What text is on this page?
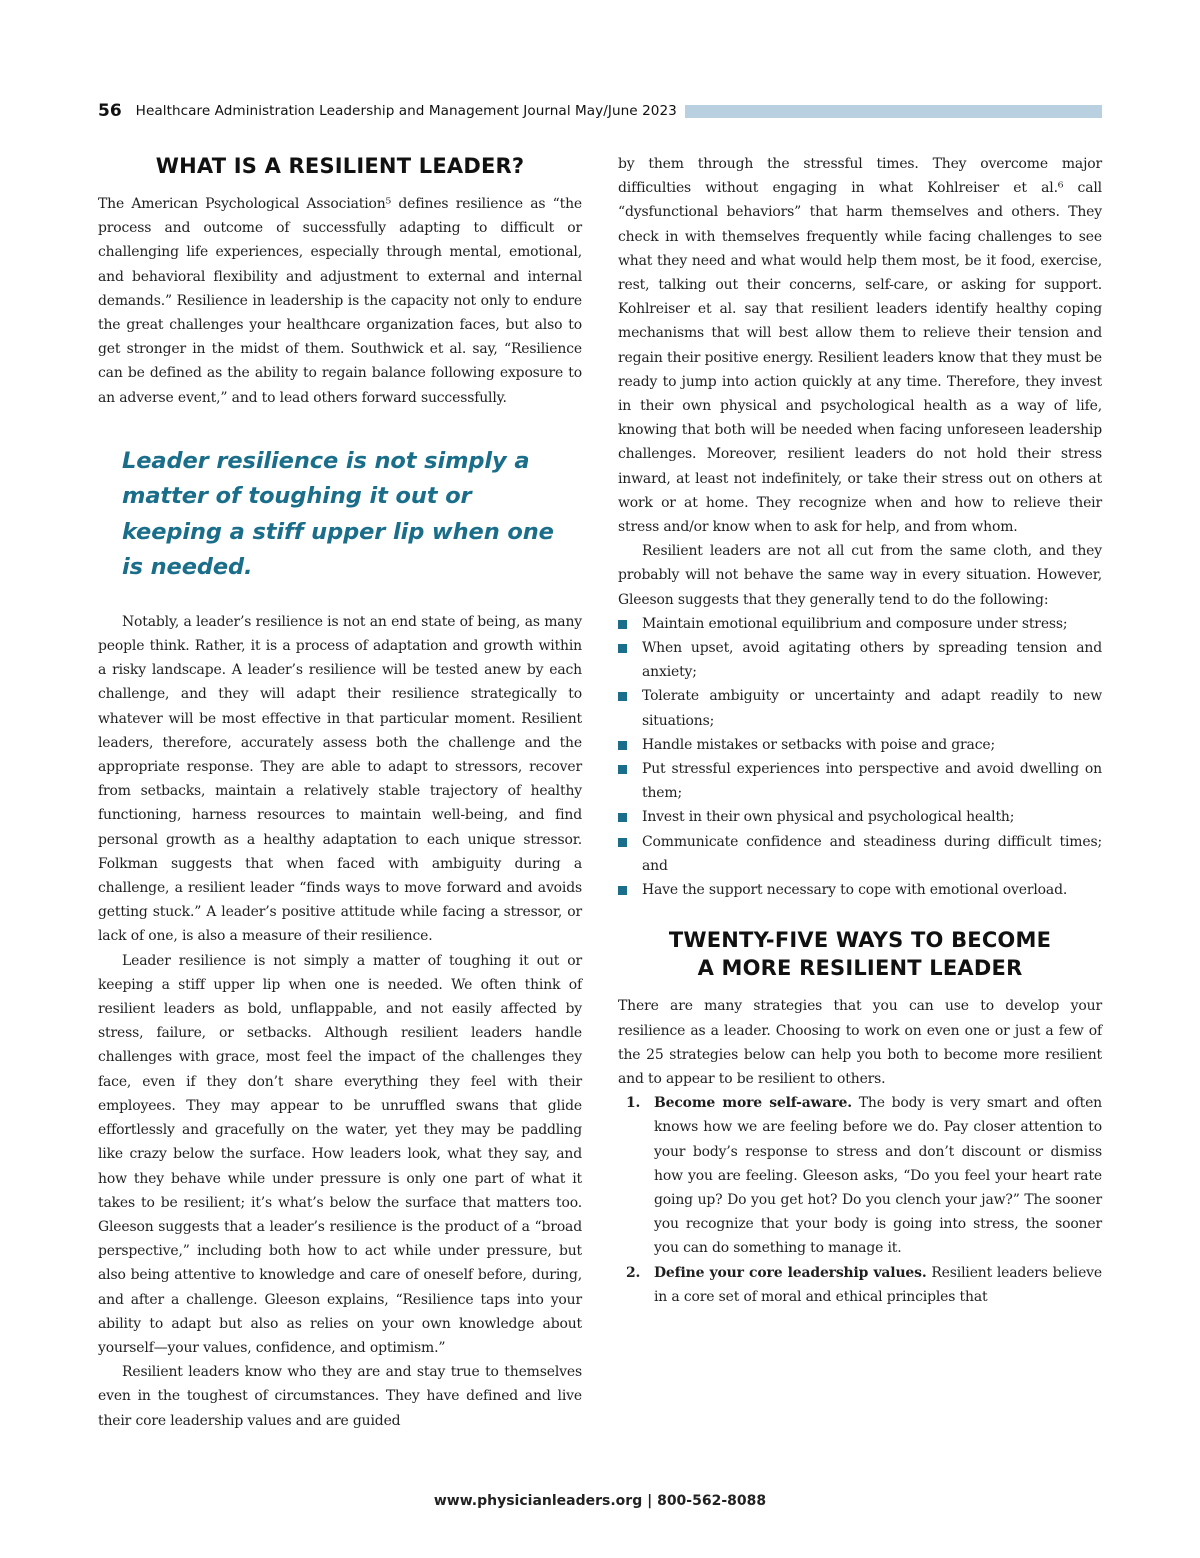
56 Healthcare Administration Leadership and Management Journal May/June 2023
WHAT IS A RESILIENT LEADER?

The American Psychological Association⁵ defines resilience as “the process and outcome of successfully adapting to difficult or challenging life experiences, especially through mental, emotional, and behavioral flexibility and adjustment to external and internal demands.” Resilience in leadership is the capacity not only to endure the great challenges your healthcare organization faces, but also to get stronger in the midst of them. Southwick et al. say, “Resilience can be defined as the ability to regain balance following exposure to an adverse event,” and to lead others forward successfully.

Leader resilience is not simply a matter of toughing it out or keeping a stiff upper lip when one is needed.

Notably, a leader’s resilience is not an end state of being, as many people think. Rather, it is a process of adaptation and growth within a risky landscape. A leader’s resilience will be tested anew by each challenge, and they will adapt their resilience strategically to whatever will be most effective in that particular moment. Resilient leaders, therefore, accurately assess both the challenge and the appropriate response. They are able to adapt to stressors, recover from setbacks, maintain a relatively stable trajectory of healthy functioning, harness resources to maintain well-being, and find personal growth as a healthy adaptation to each unique stressor. Folkman suggests that when faced with ambiguity during a challenge, a resilient leader “finds ways to move forward and avoids getting stuck.” A leader’s positive attitude while facing a stressor, or lack of one, is also a measure of their resilience.

Leader resilience is not simply a matter of toughing it out or keeping a stiff upper lip when one is needed. We often think of resilient leaders as bold, unflappable, and not easily affected by stress, failure, or setbacks. Although resilient leaders handle challenges with grace, most feel the impact of the challenges they face, even if they don’t share everything they feel with their employees. They may appear to be unruffled swans that glide effortlessly and gracefully on the water, yet they may be paddling like crazy below the surface. How leaders look, what they say, and how they behave while under pressure is only one part of what it takes to be resilient; it’s what’s below the surface that matters too. Gleeson suggests that a leader’s resilience is the product of a “broad perspective,” including both how to act while under pressure, but also being attentive to knowledge and care of oneself before, during, and after a challenge. Gleeson explains, “Resilience taps into your ability to adapt but also as relies on your own knowledge about yourself—your values, confidence, and optimism.”

Resilient leaders know who they are and stay true to themselves even in the toughest of circumstances. They have defined and live their core leadership values and are guided

by them through the stressful times. They overcome major difficulties without engaging in what Kohlreiser et al.⁶ call “dysfunctional behaviors” that harm themselves and others. They check in with themselves frequently while facing challenges to see what they need and what would help them most, be it food, exercise, rest, talking out their concerns, self-care, or asking for support. Kohlreiser et al. say that resilient leaders identify healthy coping mechanisms that will best allow them to relieve their tension and regain their positive energy. Resilient leaders know that they must be ready to jump into action quickly at any time. Therefore, they invest in their own physical and psychological health as a way of life, knowing that both will be needed when facing unforeseen leadership challenges. Moreover, resilient leaders do not hold their stress inward, at least not indefinitely, or take their stress out on others at work or at home. They recognize when and how to relieve their stress and/or know when to ask for help, and from whom.

Resilient leaders are not all cut from the same cloth, and they probably will not behave the same way in every situation. However, Gleeson suggests that they generally tend to do the following:

Maintain emotional equilibrium and composure under stress;
When upset, avoid agitating others by spreading tension and anxiety;
Tolerate ambiguity or uncertainty and adapt readily to new situations;
Handle mistakes or setbacks with poise and grace;
Put stressful experiences into perspective and avoid dwelling on them;
Invest in their own physical and psychological health;
Communicate confidence and steadiness during difficult times; and
Have the support necessary to cope with emotional overload.
TWENTY-FIVE WAYS TO BECOME
A MORE RESILIENT LEADER

There are many strategies that you can use to develop your resilience as a leader. Choosing to work on even one or just a few of the 25 strategies below can help you both to become more resilient and to appear to be resilient to others.

1. Become more self-aware. The body is very smart and often knows how we are feeling before we do. Pay closer attention to your body’s response to stress and don’t discount or dismiss how you are feeling. Gleeson asks, “Do you feel your heart rate going up? Do you get hot? Do you clench your jaw?” The sooner you recognize that your body is going into stress, the sooner you can do something to manage it.
2. Define your core leadership values. Resilient leaders believe in a core set of moral and ethical principles that
www.physicianleaders.org | 800-562-8088
